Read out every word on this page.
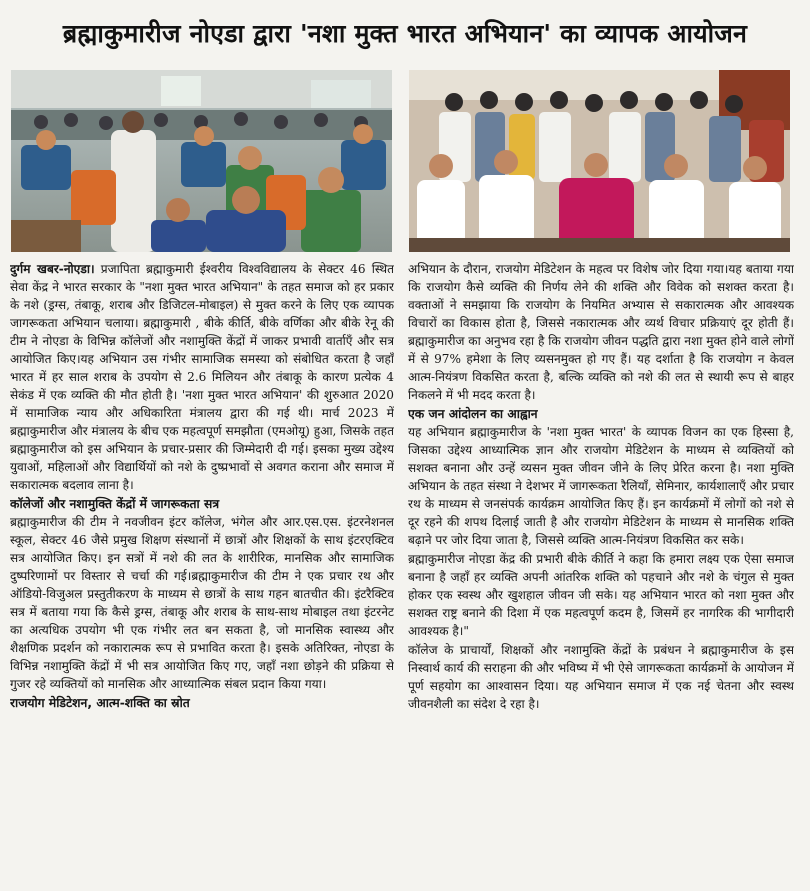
ब्रह्माकुमारीज नोएडा द्वारा 'नशा मुक्त भारत अभियान' का व्यापक आयोजन

दुर्गम खबर-नोएडा। प्रजापिता ब्रह्माकुमारी ईश्वरीय विश्वविद्यालय के सेक्टर 46 स्थित सेवा केंद्र ने भारत सरकार के "नशा मुक्त भारत अभियान" के तहत समाज को हर प्रकार के नशे (ड्रग्स, तंबाकू, शराब और डिजिटल-मोबाइल) से मुक्त करने के लिए एक व्यापक जागरूकता अभियान चलाया। ब्रह्माकुमारी , बीके कीर्ति, बीके वर्णिका और बीके रेनू की टीम ने नोएडा के विभिन्न कॉलेजों और नशामुक्ति केंद्रों में जाकर प्रभावी वार्ताएँ और सत्र आयोजित किए।यह अभियान उस गंभीर सामाजिक समस्या को संबोधित करता है जहाँ भारत में हर साल शराब के उपयोग से 2.6 मिलियन और तंबाकू के कारण प्रत्येक 4 सेकंड में एक व्यक्ति की मौत होती है। 'नशा मुक्त भारत अभियान' की शुरुआत 2020 में सामाजिक न्याय और अधिकारिता मंत्रालय द्वारा की गई थी। मार्च 2023 में ब्रह्माकुमारीज और मंत्रालय के बीच एक महत्वपूर्ण समझौता (एमओयू) हुआ, जिसके तहत ब्रह्माकुमारीज को इस अभियान के प्रचार-प्रसार की जिम्मेदारी दी गई। इसका मुख्य उद्देश्य युवाओं, महिलाओं और विद्यार्थियों को नशे के दुष्प्रभावों से अवगत कराना और समाज में सकारात्मक बदलाव लाना है।

कॉलेजों और नशामुक्ति केंद्रों में जागरूकता सत्र

ब्रह्माकुमारीज की टीम ने नवजीवन इंटर कॉलेज, भंगेल और आर.एस.एस. इंटरनेशनल स्कूल, सेक्टर 46 जैसे प्रमुख शिक्षण संस्थानों में छात्रों और शिक्षकों के साथ इंटरएक्टिव सत्र आयोजित किए। इन सत्रों में नशे की लत के शारीरिक, मानसिक और सामाजिक दुष्परिणामों पर विस्तार से चर्चा की गई।ब्रह्माकुमारीज की टीम ने एक प्रचार रथ और ऑडियो-विजुअल प्रस्तुतीकरण के माध्यम से छात्रों के साथ गहन बातचीत की। इंटरैक्टिव सत्र में बताया गया कि कैसे ड्रग्स, तंबाकू और शराब के साथ-साथ मोबाइल तथा इंटरनेट का अत्यधिक उपयोग भी एक गंभीर लत बन सकता है, जो मानसिक स्वास्थ्य और शैक्षणिक प्रदर्शन को नकारात्मक रूप से प्रभावित करता है। इसके अतिरिक्त, नोएडा के विभिन्न नशामुक्ति केंद्रों में भी सत्र आयोजित किए गए, जहाँ नशा छोड़ने की प्रक्रिया से गुजर रहे व्यक्तियों को मानसिक और आध्यात्मिक संबल प्रदान किया गया।

राजयोग मेडिटेशन, आत्म-शक्ति का स्रोत

अभियान के दौरान, राजयोग मेडिटेशन के महत्व पर विशेष जोर दिया गया।यह बताया गया कि राजयोग कैसे व्यक्ति की निर्णय लेने की शक्ति और विवेक को सशक्त करता है। वक्ताओं ने समझाया कि राजयोग के नियमित अभ्यास से सकारात्मक और आवश्यक विचारों का विकास होता है, जिससे नकारात्मक और व्यर्थ विचार प्रक्रियाएं दूर होती हैं। ब्रह्माकुमारीज का अनुभव रहा है कि राजयोग जीवन पद्धति द्वारा नशा मुक्त होने वाले लोगों में से 97% हमेशा के लिए व्यसनमुक्त हो गए हैं। यह दर्शाता है कि राजयोग न केवल आत्म-नियंत्रण विकसित करता है, बल्कि व्यक्ति को नशे की लत से स्थायी रूप से बाहर निकलने में भी मदद करता है।

एक जन आंदोलन का आह्वान

यह अभियान ब्रह्माकुमारीज के 'नशा मुक्त भारत' के व्यापक विजन का एक हिस्सा है, जिसका उद्देश्य आध्यात्मिक ज्ञान और राजयोग मेडिटेशन के माध्यम से व्यक्तियों को सशक्त बनाना और उन्हें व्यसन मुक्त जीवन जीने के लिए प्रेरित करना है। नशा मुक्ति अभियान के तहत संस्था ने देशभर में जागरूकता रैलियाँ, सेमिनार, कार्यशालाएँ और प्रचार रथ के माध्यम से जनसंपर्क कार्यक्रम आयोजित किए हैं। इन कार्यक्रमों में लोगों को नशे से दूर रहने की शपथ दिलाई जाती है और राजयोग मेडिटेशन के माध्यम से मानसिक शक्ति बढ़ाने पर जोर दिया जाता है, जिससे व्यक्ति आत्म-नियंत्रण विकसित कर सके।

ब्रह्माकुमारीज नोएडा केंद्र की प्रभारी बीके कीर्ति ने कहा कि हमारा लक्ष्य एक ऐसा समाज बनाना है जहाँ हर व्यक्ति अपनी आंतरिक शक्ति को पहचाने और नशे के चंगुल से मुक्त होकर एक स्वस्थ और खुशहाल जीवन जी सके। यह अभियान भारत को नशा मुक्त और सशक्त राष्ट्र बनाने की दिशा में एक महत्वपूर्ण कदम है, जिसमें हर नागरिक की भागीदारी आवश्यक है।"

कॉलेज के प्राचार्यों, शिक्षकों और नशामुक्ति केंद्रों के प्रबंधन ने ब्रह्माकुमारीज के इस निस्वार्थ कार्य की सराहना की और भविष्य में भी ऐसे जागरूकता कार्यक्रमों के आयोजन में पूर्ण सहयोग का आश्वासन दिया। यह अभियान समाज में एक नई चेतना और स्वस्थ जीवनशैली का संदेश दे रहा है।
